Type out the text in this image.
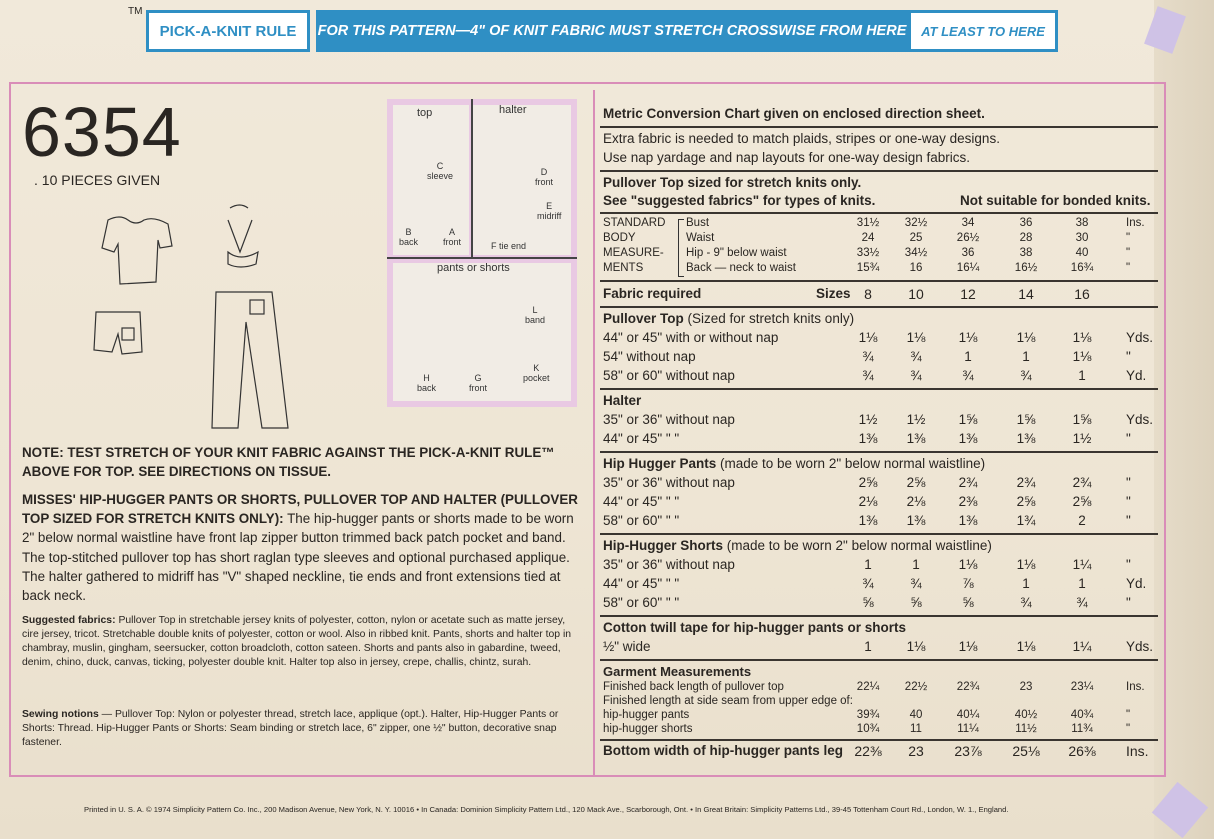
TM
PICK-A-KNIT RULE	FOR THIS PATTERN—4" OF KNIT FABRIC MUST STRETCH CROSSWISE FROM HERE	AT LEAST TO HERE
6354
. 10 PIECES GIVEN
top	halter
pants or shorts
C
sleeve
B
back
A
front
D
front
E
midriff
F tie end
H
back
G
front
L
band
K
pocket
NOTE: TEST STRETCH OF YOUR KNIT FABRIC AGAINST THE PICK-A-KNIT RULE™ ABOVE FOR TOP. SEE DIRECTIONS ON TISSUE.
MISSES' HIP-HUGGER PANTS OR SHORTS, PULLOVER TOP AND HALTER (PULLOVER TOP SIZED FOR STRETCH KNITS ONLY): The hip-hugger pants or shorts made to be worn 2" below normal waistline have front lap zipper button trimmed back patch pocket and band. The top-stitched pullover top has short raglan type sleeves and optional purchased applique. The halter gathered to midriff has "V" shaped neckline, tie ends and front extensions tied at back neck.
Suggested fabrics: Pullover Top in stretchable jersey knits of polyester, cotton, nylon or acetate such as matte jersey, cire jersey, tricot. Stretchable double knits of polyester, cotton or wool. Also in ribbed knit. Pants, shorts and halter top in chambray, muslin, gingham, seersucker, cotton broadcloth, cotton sateen. Shorts and pants also in gabardine, tweed, denim, chino, duck, canvas, ticking, polyester double knit. Halter top also in jersey, crepe, challis, chintz, surah.
Sewing notions — Pullover Top: Nylon or polyester thread, stretch lace, applique (opt.). Halter, Hip-Hugger Pants or Shorts: Thread. Hip-Hugger Pants or Shorts: Seam binding or stretch lace, 6" zipper, one ½" button, decorative snap fastener.
Metric Conversion Chart given on enclosed direction sheet.
Extra fabric is needed to match plaids, stripes or one-way designs.
Use nap yardage and nap layouts for one-way design fabrics.
Pullover Top sized for stretch knits only.
See "suggested fabrics" for types of knits.	Not suitable for bonded knits.
STANDARD
BODY
MEASURE-
MENTS
Bust	31½	32½	34	36	38	Ins.
Waist	24	25	26½	28	30	"
Hip - 9" below waist	33½	34½	36	38	40	"
Back — neck to waist	15¾	16	16¼	16½	16¾	"
Fabric required	Sizes 8	10	12	14	16
Pullover Top (Sized for stretch knits only)
44" or 45" with or without nap	1⅛	1⅛	1⅛	1⅛	1⅛	Yds.
54" without nap	¾	¾	1	1	1⅛	"
58" or 60" without nap	¾	¾	¾	¾	1	Yd.
Halter
35" or 36" without nap	1½	1½	1⅝	1⅝	1⅝	Yds.
44" or 45" " "	1⅜	1⅜	1⅜	1⅜	1½	"
Hip Hugger Pants (made to be worn 2" below normal waistline)
35" or 36" without nap	2⅝	2⅝	2¾	2¾	2¾	"
44" or 45" " "	2⅛	2⅛	2⅜	2⅝	2⅝	"
58" or 60" " "	1⅜	1⅜	1⅜	1¾	2	"
Hip-Hugger Shorts (made to be worn 2" below normal waistline)
35" or 36" without nap	1	1	1⅛	1⅛	1¼	"
44" or 45" " "	¾	¾	⅞	1	1	Yd.
58" or 60" " "	⅝	⅝	⅝	¾	¾	"
Cotton twill tape for hip-hugger pants or shorts
½" wide	1	1⅛	1⅛	1⅛	1¼	Yds.
Garment Measurements
Finished back length of pullover top	22¼	22½	22¾	23	23¼	Ins.
Finished length at side seam from upper edge of:
hip-hugger pants	39¾	40	40¼	40½	40¾	"
hip-hugger shorts	10¾	11	11¼	11½	11¾	"
Bottom width of hip-hugger pants leg 22⅜	23	23⅞	25⅛	26⅜	Ins.
Printed in U. S. A. © 1974 Simplicity Pattern Co. Inc., 200 Madison Avenue, New York, N. Y. 10016 • In Canada: Dominion Simplicity Pattern Ltd., 120 Mack Ave., Scarborough, Ont. • In Great Britain: Simplicity Patterns Ltd., 39-45 Tottenham Court Rd., London, W. 1., England.
